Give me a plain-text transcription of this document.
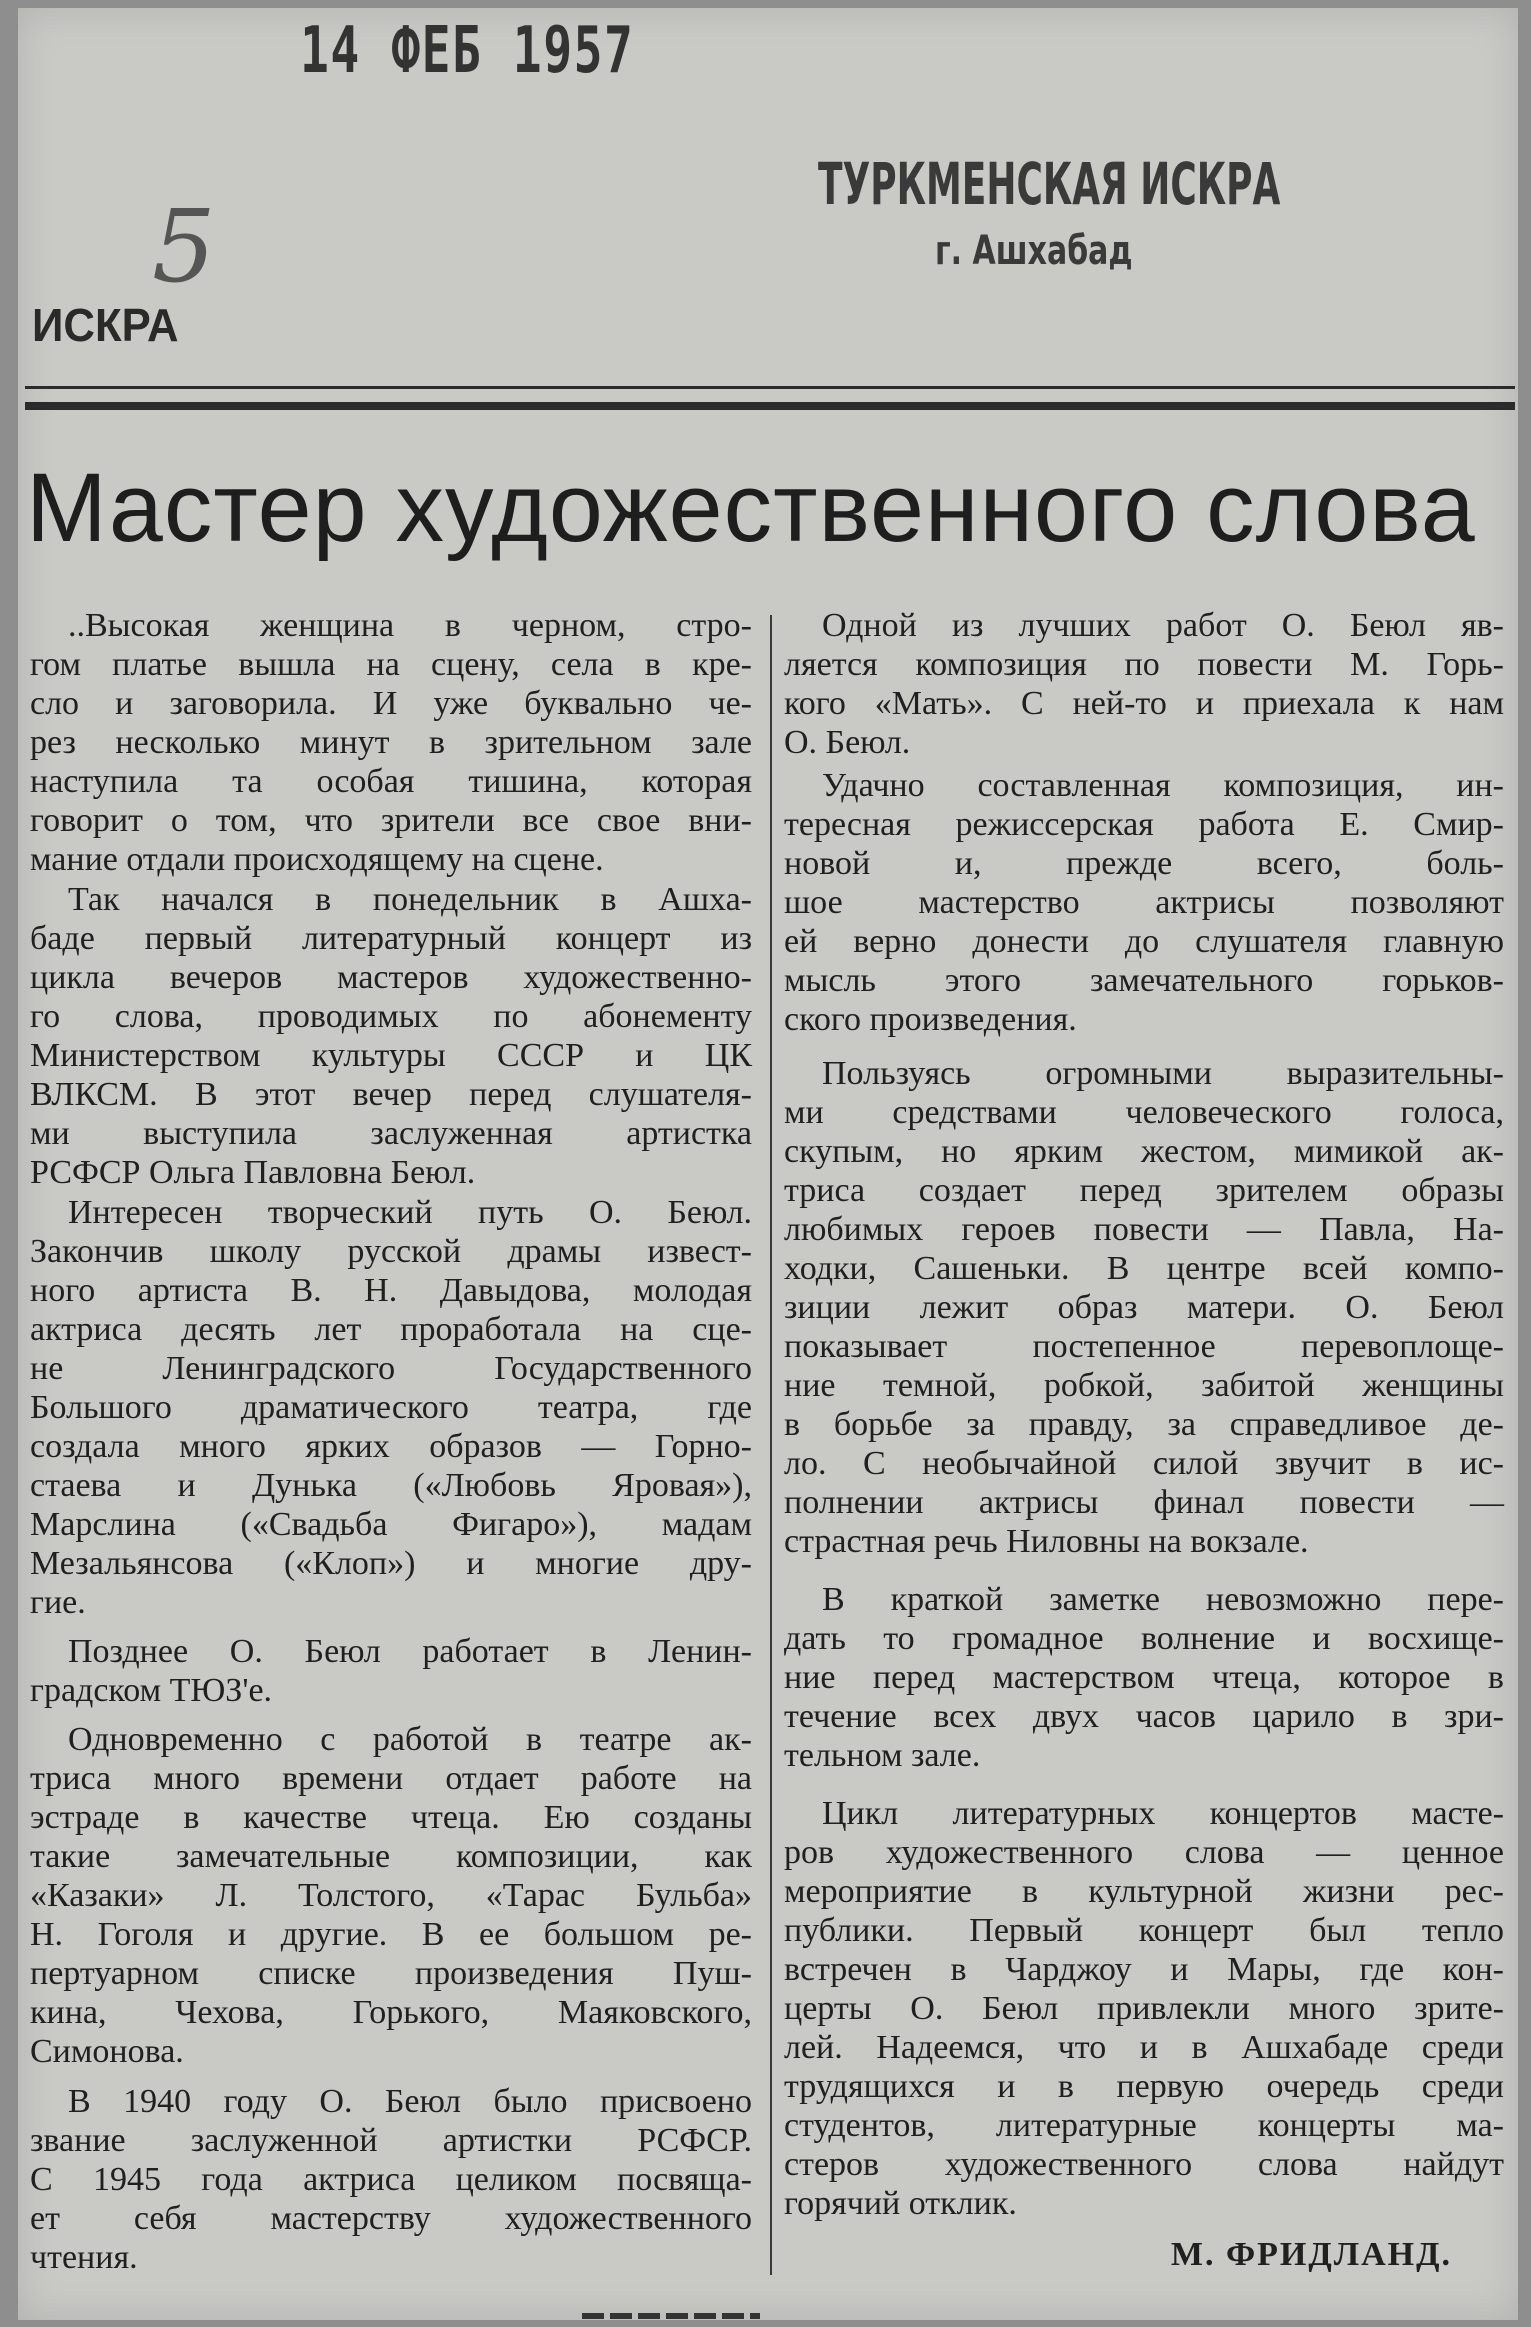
14 ФЕБ 1957
5
ИСКРА
ТУРКМЕНСКАЯ ИСКРА
г. Ашхабад
Мастер художественного слова
..Высокая женщина в черном, стро-
гом платье вышла на сцену, села в кре-
сло и заговорила. И уже буквально че-
рез несколько минут в зрительном зале
наступила та особая тишина, которая
говорит о том, что зрители все свое вни-
мание отдали происходящему на сцене.
Так начался в понедельник в Ашха-
баде первый литературный концерт из
цикла вечеров мастеров художественно-
го слова, проводимых по абонементу
Министерством культуры СССР и ЦК
ВЛКСМ. В этот вечер перед слушателя-
ми выступила заслуженная артистка
РСФСР Ольга Павловна Беюл.
Интересен творческий путь О. Беюл.
Закончив школу русской драмы извест-
ного артиста В. Н. Давыдова, молодая
актриса десять лет проработала на сце-
не Ленинградского Государственного
Большого драматического театра, где
создала много ярких образов — Горно-
стаева и Дунька («Любовь Яровая»),
Марслина («Свадьба Фигаро»), мадам
Мезальянсова («Клоп») и многие дру-
гие.
Позднее О. Беюл работает в Ленин-
градском ТЮЗ'е.
Одновременно с работой в театре ак-
триса много времени отдает работе на
эстраде в качестве чтеца. Ею созданы
такие замечательные композиции, как
«Казаки» Л. Толстого, «Тарас Бульба»
Н. Гоголя и другие. В ее большом ре-
пертуарном списке произведения Пуш-
кина, Чехова, Горького, Маяковского,
Симонова.
В 1940 году О. Беюл было присвоено
звание заслуженной артистки РСФСР.
С 1945 года актриса целиком посвяща-
ет себя мастерству художественного
чтения.
Одной из лучших работ О. Беюл яв-
ляется композиция по повести М. Горь-
кого «Мать». С ней-то и приехала к нам
О. Беюл.
Удачно составленная композиция, ин-
тересная режиссерская работа Е. Смир-
новой и, прежде всего, боль-
шое мастерство актрисы позволяют
ей верно донести до слушателя главную
мысль этого замечательного горьков-
ского произведения.
Пользуясь огромными выразительны-
ми средствами человеческого голоса,
скупым, но ярким жестом, мимикой ак-
триса создает перед зрителем образы
любимых героев повести — Павла, На-
ходки, Сашеньки. В центре всей компо-
зиции лежит образ матери. О. Беюл
показывает постепенное перевоплоще-
ние темной, робкой, забитой женщины
в борьбе за правду, за справедливое де-
ло. С необычайной силой звучит в ис-
полнении актрисы финал повести —
страстная речь Ниловны на вокзале.
В краткой заметке невозможно пере-
дать то громадное волнение и восхище-
ние перед мастерством чтеца, которое в
течение всех двух часов царило в зри-
тельном зале.
Цикл литературных концертов масте-
ров художественного слова — ценное
мероприятие в культурной жизни рес-
публики. Первый концерт был тепло
встречен в Чарджоу и Мары, где кон-
церты О. Беюл привлекли много зрите-
лей. Надеемся, что и в Ашхабаде среди
трудящихся и в первую очередь среди
студентов, литературные концерты ма-
стеров художественного слова найдут
горячий отклик.
М. ФРИДЛАНД.
